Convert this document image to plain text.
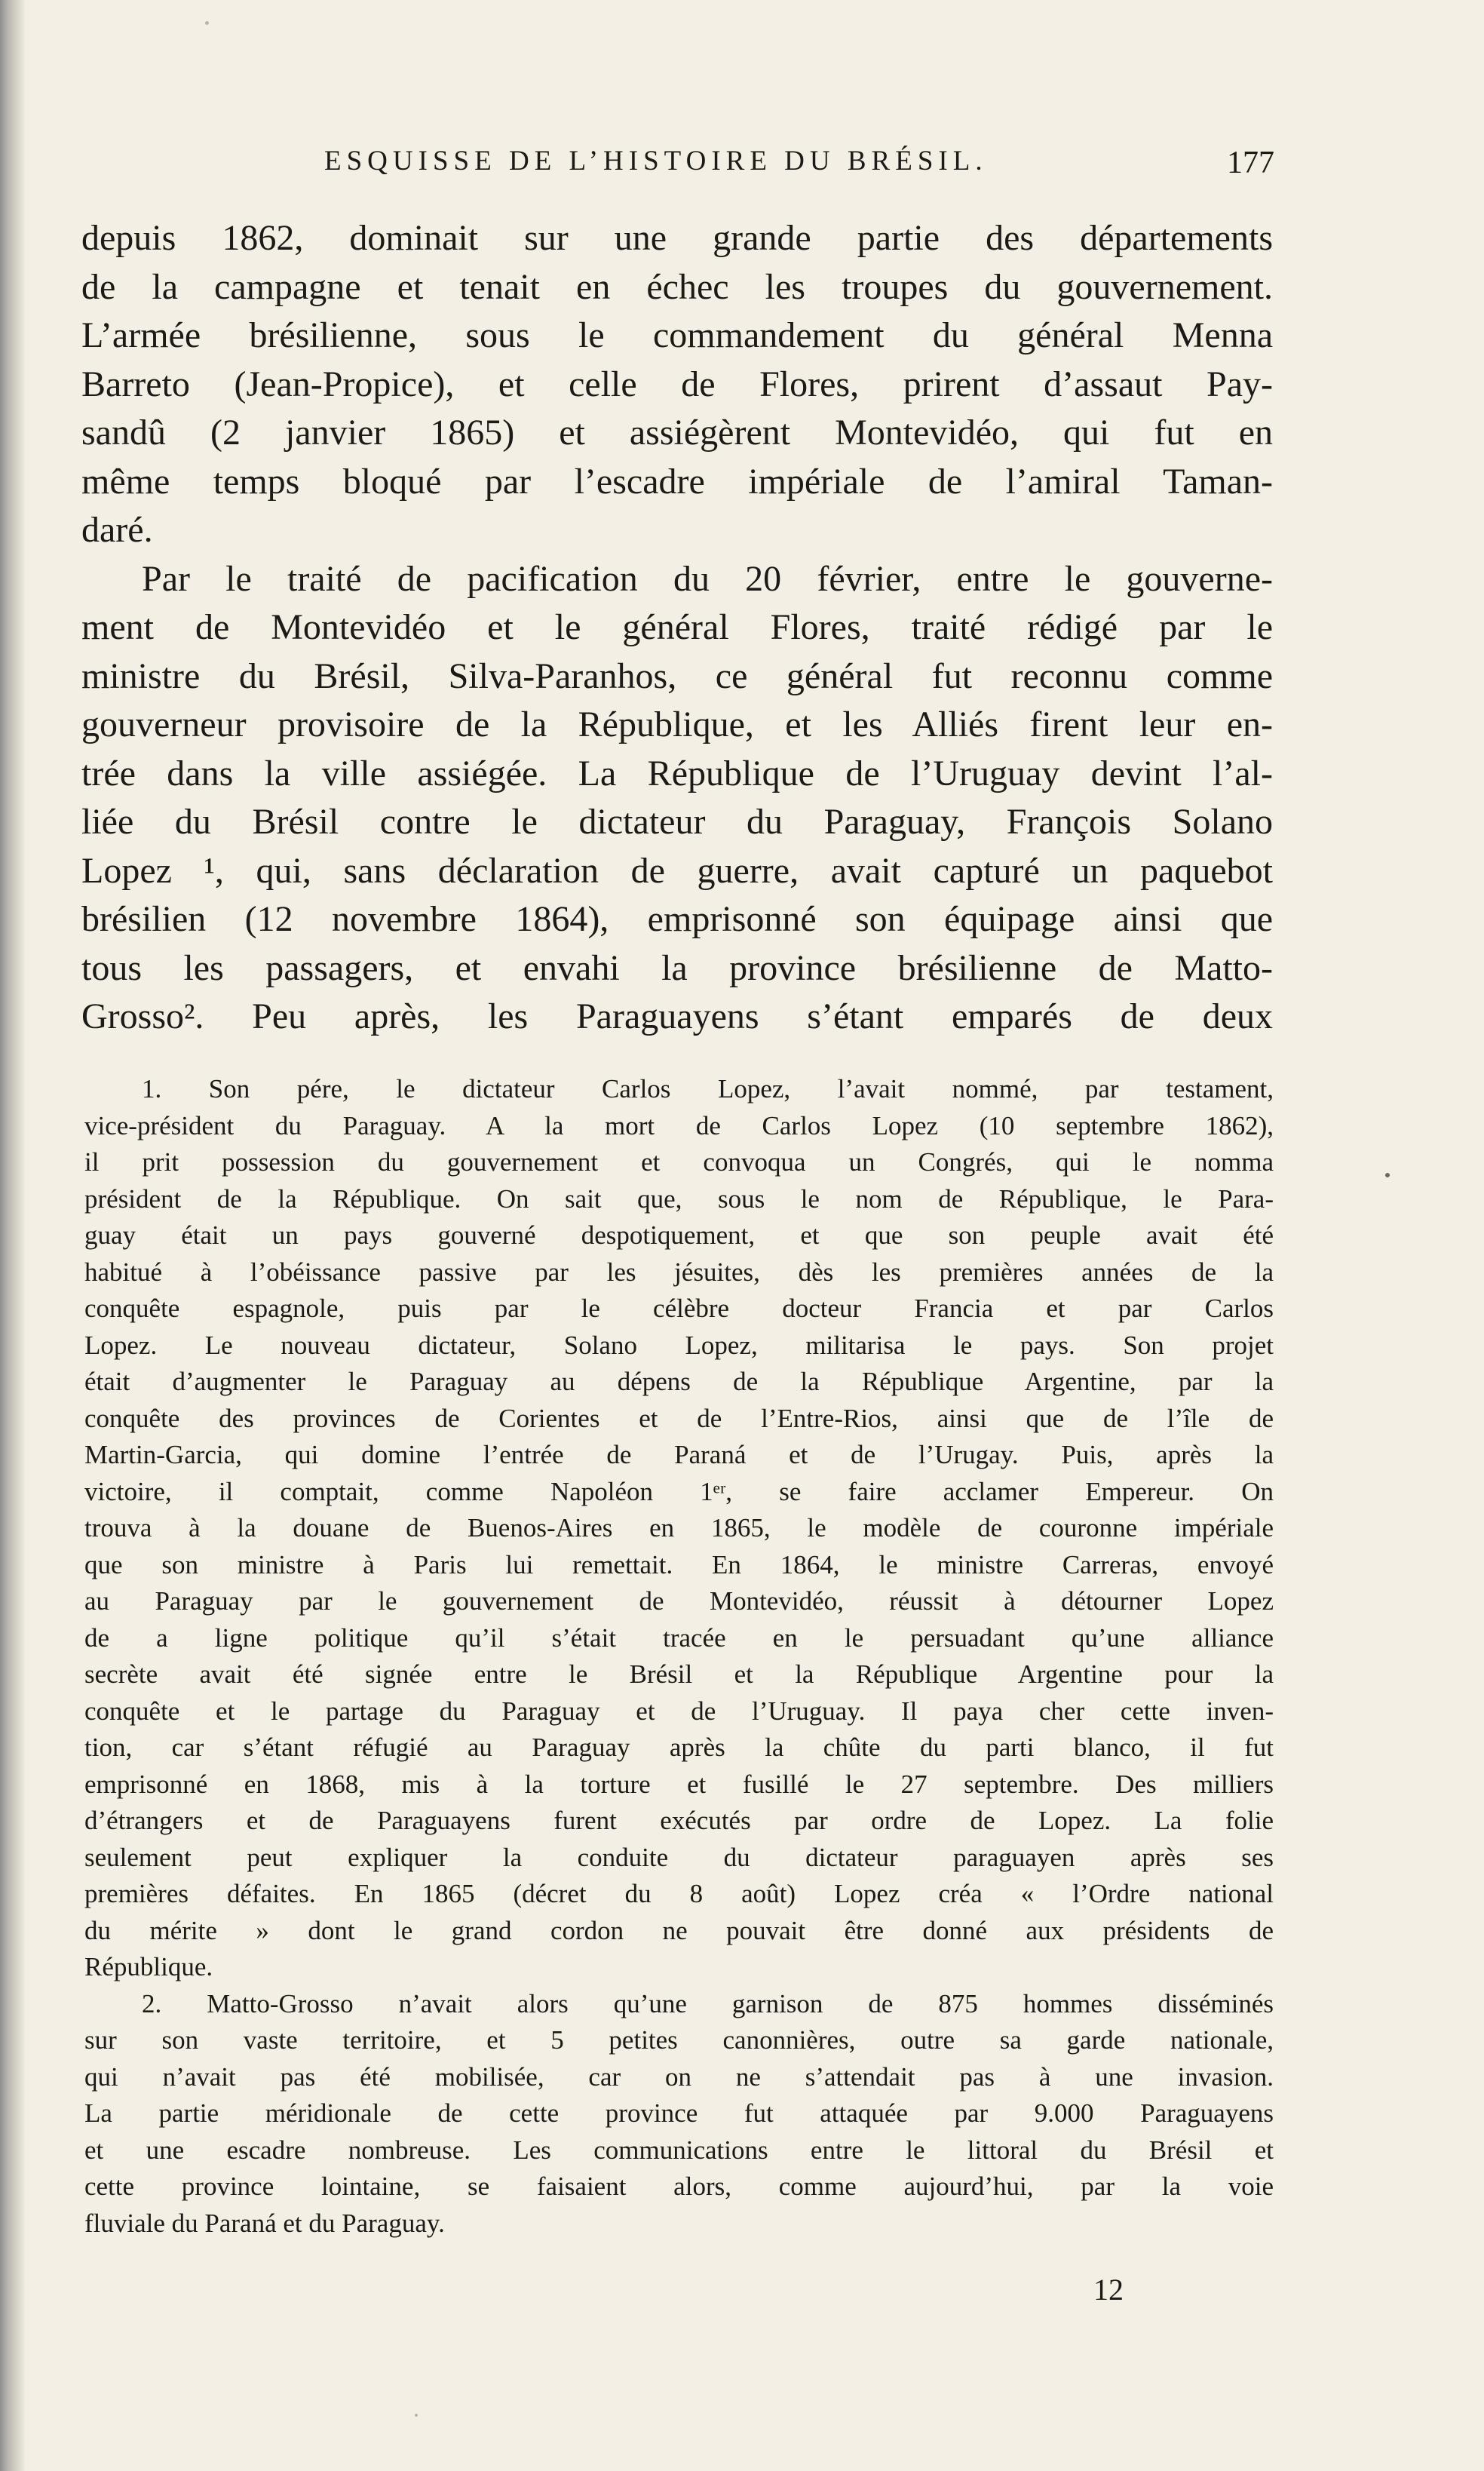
ESQUISSE DE L’HISTOIRE DU BRÉSIL.	177
depuis 1862, dominait sur une grande partie des départements
de la campagne et tenait en échec les troupes du gouvernement.
L’armée brésilienne, sous le commandement du général Menna
Barreto (Jean-Propice), et celle de Flores, prirent d’assaut Pay-
sandû (2 janvier 1865) et assiégèrent Montevidéo, qui fut en
même temps bloqué par l’escadre impériale de l’amiral Taman-
daré.
Par le traité de pacification du 20 février, entre le gouverne-
ment de Montevidéo et le général Flores, traité rédigé par le
ministre du Brésil, Silva-Paranhos, ce général fut reconnu comme
gouverneur provisoire de la République, et les Alliés firent leur en-
trée dans la ville assiégée. La République de l’Uruguay devint l’al-
liée du Brésil contre le dictateur du Paraguay, François Solano
Lopez ¹, qui, sans déclaration de guerre, avait capturé un paquebot
brésilien (12 novembre 1864), emprisonné son équipage ainsi que
tous les passagers, et envahi la province brésilienne de Matto-
Grosso². Peu après, les Paraguayens s’étant emparés de deux
1. Son pére, le dictateur Carlos Lopez, l’avait nommé, par testament,
vice-président du Paraguay. A la mort de Carlos Lopez (10 septembre 1862),
il prit possession du gouvernement et convoqua un Congrés, qui le nomma
président de la République. On sait que, sous le nom de République, le Para-
guay était un pays gouverné despotiquement, et que son peuple avait été
habitué à l’obéissance passive par les jésuites, dès les premières années de la
conquête espagnole, puis par le célèbre docteur Francia et par Carlos
Lopez. Le nouveau dictateur, Solano Lopez, militarisa le pays. Son projet
était d’augmenter le Paraguay au dépens de la République Argentine, par la
conquête des provinces de Corientes et de l’Entre-Rios, ainsi que de l’île de
Martin-Garcia, qui domine l’entrée de Paraná et de l’Urugay. Puis, après la
victoire, il comptait, comme Napoléon 1ᵉʳ, se faire acclamer Empereur. On
trouva à la douane de Buenos-Aires en 1865, le modèle de couronne impériale
que son ministre à Paris lui remettait. En 1864, le ministre Carreras, envoyé
au Paraguay par le gouvernement de Montevidéo, réussit à détourner Lopez
de a ligne politique qu’il s’était tracée en le persuadant qu’une alliance
secrète avait été signée entre le Brésil et la République Argentine pour la
conquête et le partage du Paraguay et de l’Uruguay. Il paya cher cette inven-
tion, car s’étant réfugié au Paraguay après la chûte du parti blanco, il fut
emprisonné en 1868, mis à la torture et fusillé le 27 septembre. Des milliers
d’étrangers et de Paraguayens furent exécutés par ordre de Lopez. La folie
seulement peut expliquer la conduite du dictateur paraguayen après ses
premières défaites. En 1865 (décret du 8 août) Lopez créa « l’Ordre national
du mérite » dont le grand cordon ne pouvait être donné aux présidents de
République.
2. Matto-Grosso n’avait alors qu’une garnison de 875 hommes disséminés
sur son vaste territoire, et 5 petites canonnières, outre sa garde nationale,
qui n’avait pas été mobilisée, car on ne s’attendait pas à une invasion.
La partie méridionale de cette province fut attaquée par 9.000 Paraguayens
et une escadre nombreuse. Les communications entre le littoral du Brésil et
cette province lointaine, se faisaient alors, comme aujourd’hui, par la voie
fluviale du Paraná et du Paraguay.
12
